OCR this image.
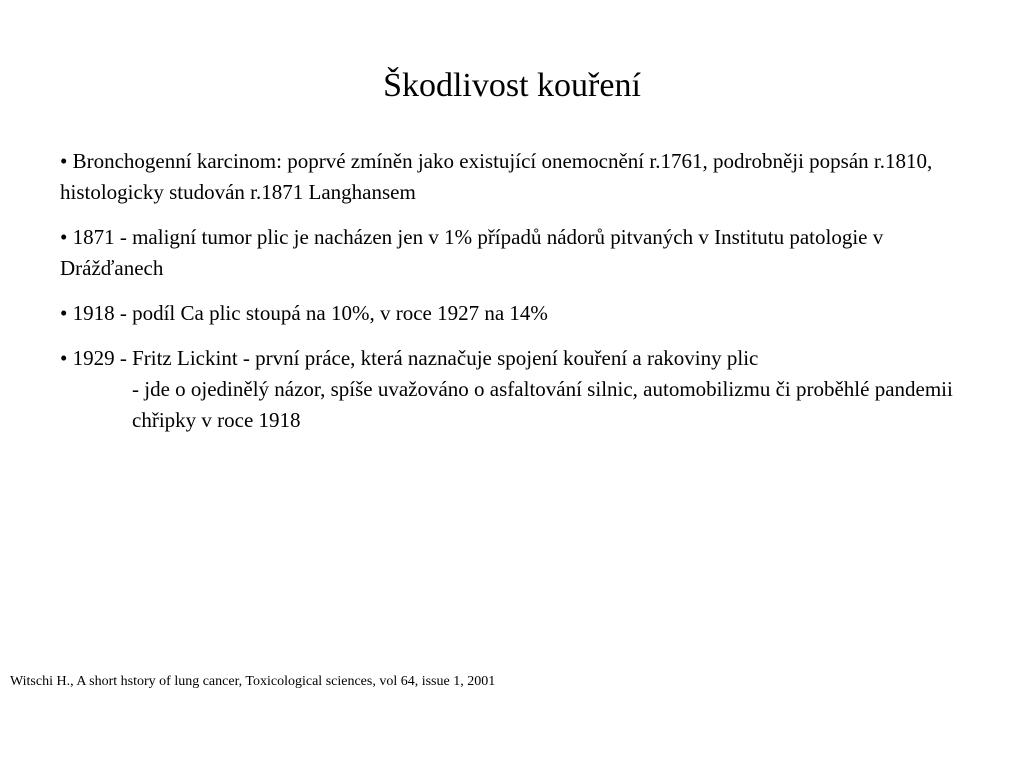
Škodlivost kouření

• Bronchogenní karcinom: poprvé zmíněn jako existující onemocnění r.1761, podrobněji popsán r.1810, histologicky studován r.1871 Langhansem

• 1871 - maligní tumor plic je nacházen jen v 1% případů nádorů pitvaných v Institutu patologie v Drážďanech

• 1918 - podíl Ca plic stoupá na 10%, v roce 1927 na 14%

• 1929 - Fritz Lickint - první práce, která naznačuje spojení kouření a rakoviny plic
- jde o ojedinělý názor, spíše uvažováno o asfaltování silnic, automobilizmu či proběhlé pandemii chřipky v roce 1918

Witschi H., A short hstory of lung cancer, Toxicological sciences, vol 64, issue 1, 2001
